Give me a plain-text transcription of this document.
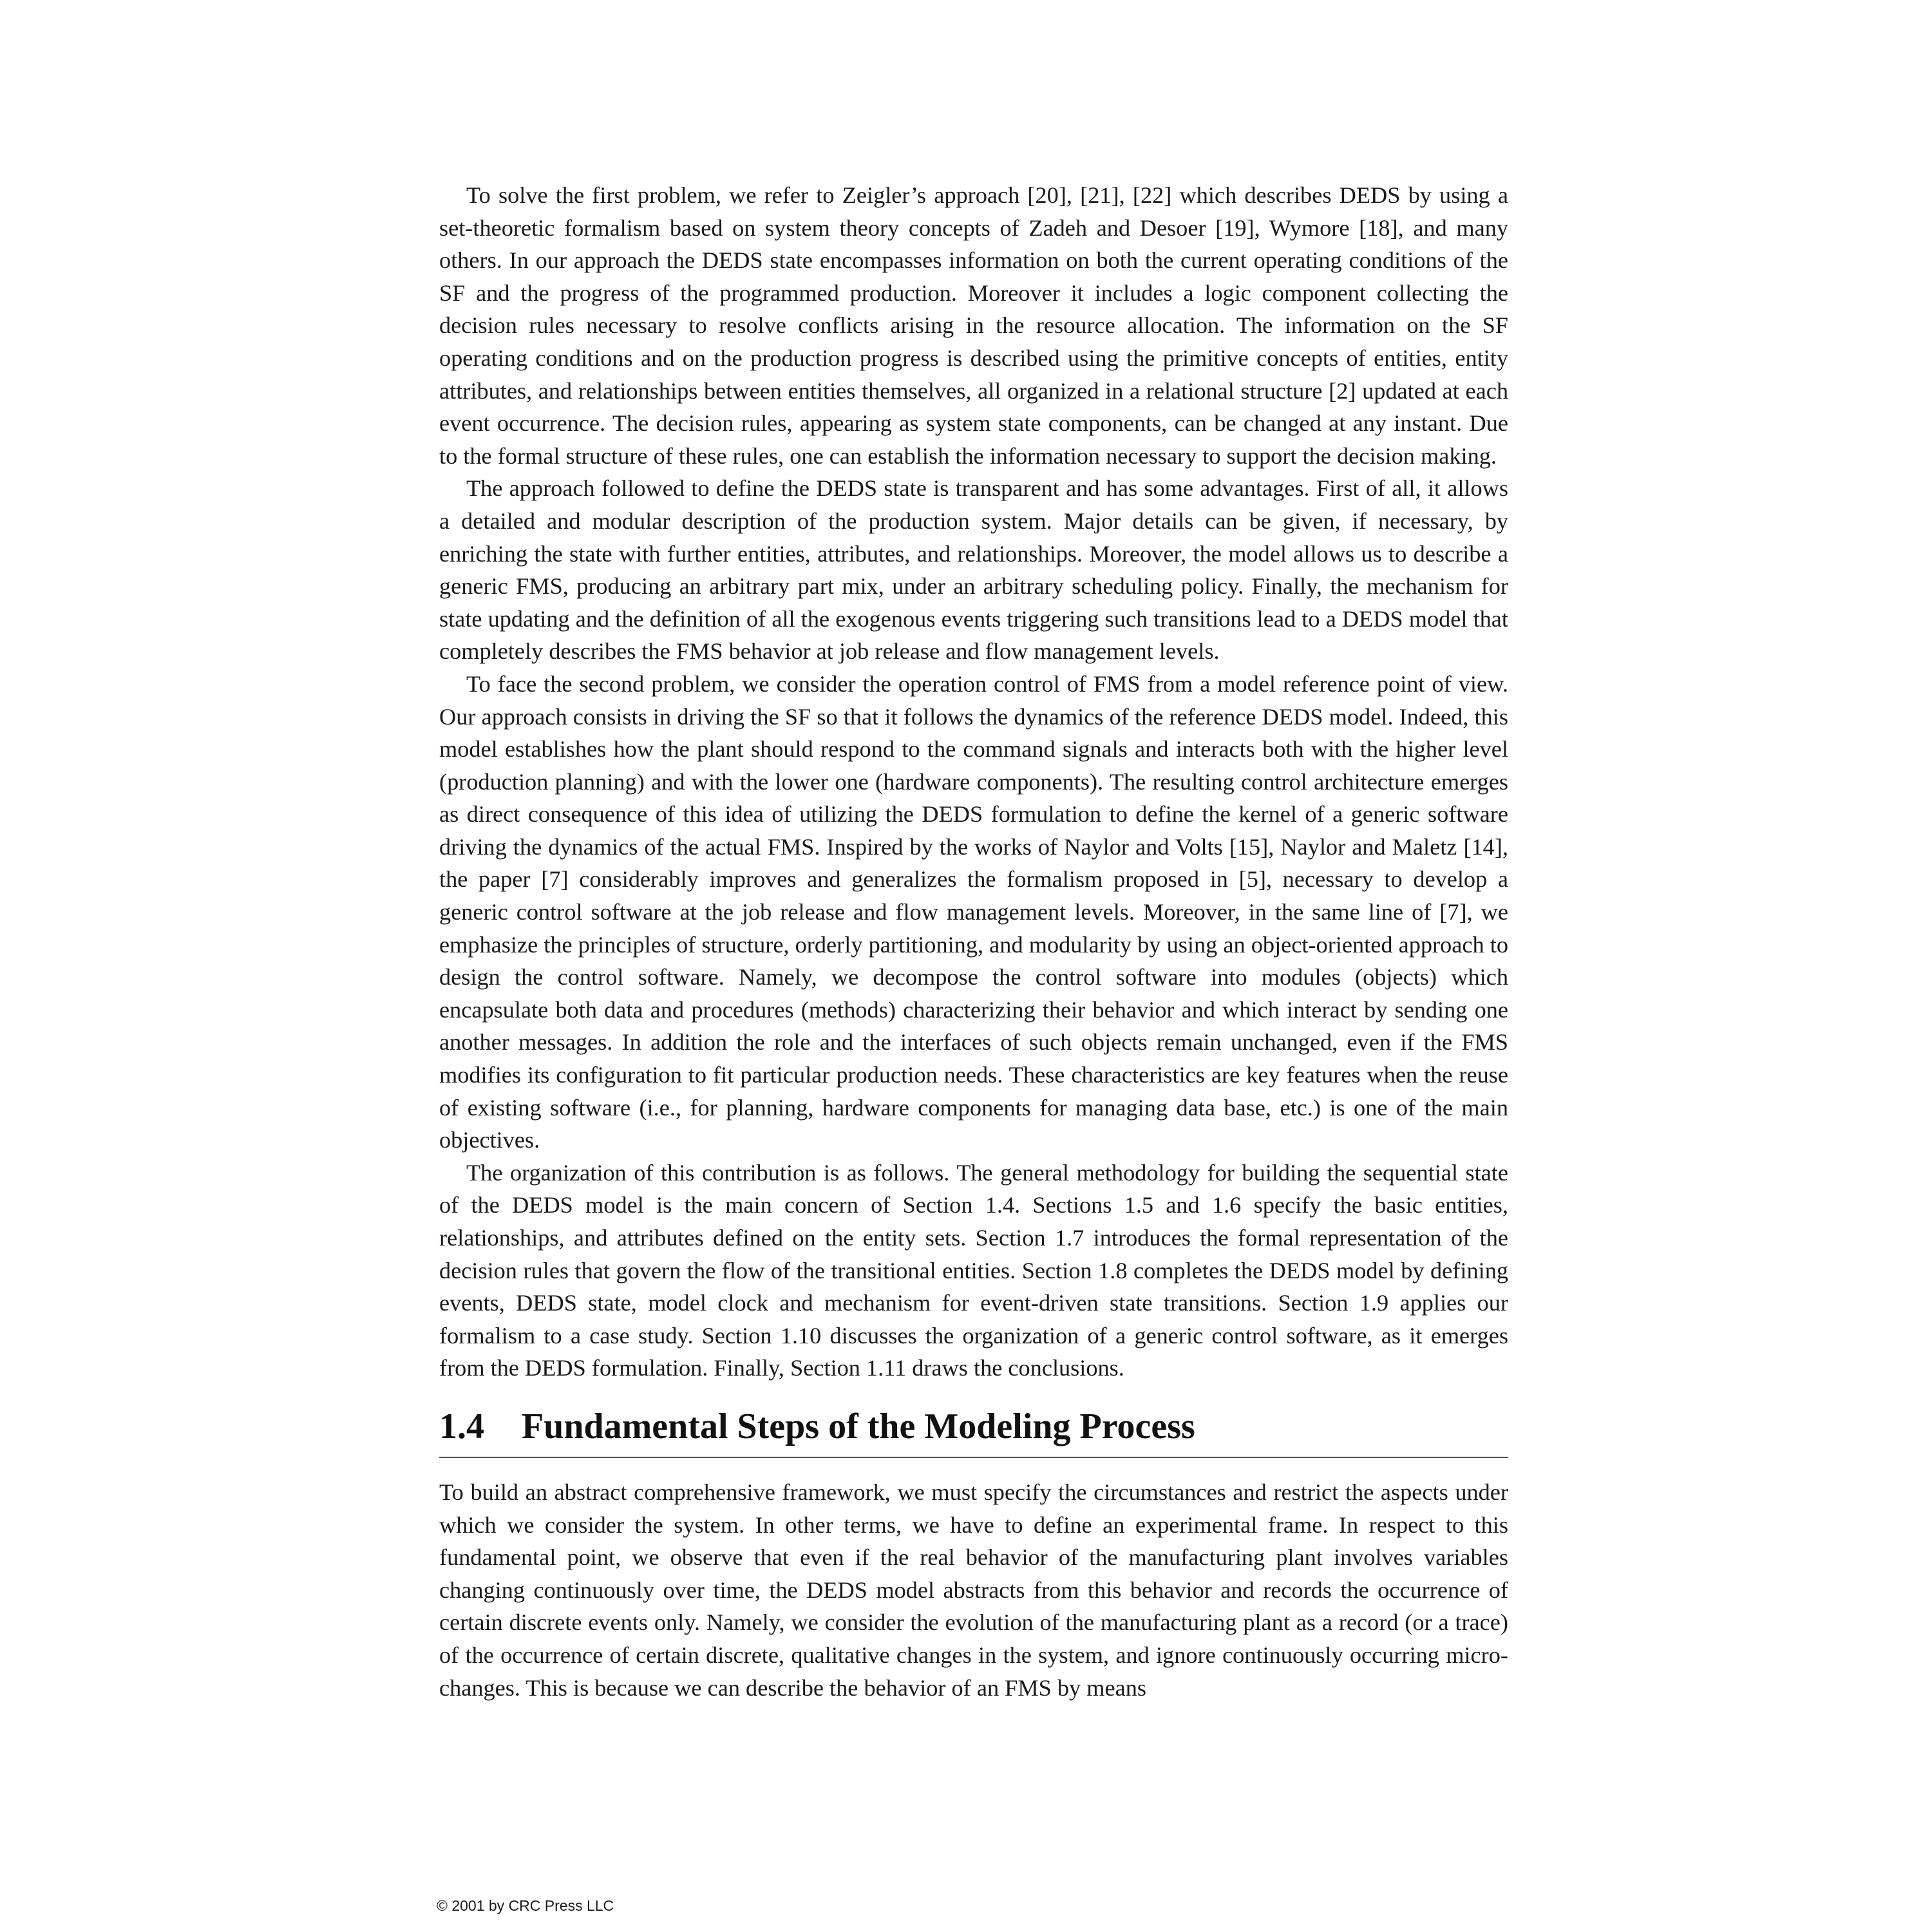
To solve the first problem, we refer to Zeigler’s approach [20], [21], [22] which describes DEDS by using a set-theoretic formalism based on system theory concepts of Zadeh and Desoer [19], Wymore [18], and many others. In our approach the DEDS state encompasses information on both the current operating conditions of the SF and the progress of the programmed production. Moreover it includes a logic component collecting the decision rules necessary to resolve conflicts arising in the resource allocation. The information on the SF operating conditions and on the production progress is described using the primitive concepts of entities, entity attributes, and relationships between entities themselves, all organized in a relational structure [2] updated at each event occurrence. The decision rules, appearing as system state components, can be changed at any instant. Due to the formal structure of these rules, one can establish the information necessary to support the decision making.

The approach followed to define the DEDS state is transparent and has some advantages. First of all, it allows a detailed and modular description of the production system. Major details can be given, if necessary, by enriching the state with further entities, attributes, and relationships. Moreover, the model allows us to describe a generic FMS, producing an arbitrary part mix, under an arbitrary scheduling policy. Finally, the mechanism for state updating and the definition of all the exogenous events triggering such transitions lead to a DEDS model that completely describes the FMS behavior at job release and flow management levels.

To face the second problem, we consider the operation control of FMS from a model reference point of view. Our approach consists in driving the SF so that it follows the dynamics of the reference DEDS model. Indeed, this model establishes how the plant should respond to the command signals and interacts both with the higher level (production planning) and with the lower one (hardware components). The resulting control architecture emerges as direct consequence of this idea of utilizing the DEDS formulation to define the kernel of a generic software driving the dynamics of the actual FMS. Inspired by the works of Naylor and Volts [15], Naylor and Maletz [14], the paper [7] considerably improves and generalizes the formalism proposed in [5], necessary to develop a generic control software at the job release and flow management levels. Moreover, in the same line of [7], we emphasize the principles of structure, orderly partitioning, and modularity by using an object-oriented approach to design the control software. Namely, we decompose the control software into modules (objects) which encapsulate both data and procedures (methods) characterizing their behavior and which interact by sending one another messages. In addition the role and the interfaces of such objects remain unchanged, even if the FMS modifies its configuration to fit particular production needs. These characteristics are key features when the reuse of existing software (i.e., for planning, hardware components for managing data base, etc.) is one of the main objectives.

The organization of this contribution is as follows. The general methodology for building the sequential state of the DEDS model is the main concern of Section 1.4. Sections 1.5 and 1.6 specify the basic entities, relationships, and attributes defined on the entity sets. Section 1.7 introduces the formal representation of the decision rules that govern the flow of the transitional entities. Section 1.8 completes the DEDS model by defining events, DEDS state, model clock and mechanism for event-driven state transitions. Section 1.9 applies our formalism to a case study. Section 1.10 discusses the organization of a generic control software, as it emerges from the DEDS formulation. Finally, Section 1.11 draws the conclusions.

1.4 Fundamental Steps of the Modeling Process

To build an abstract comprehensive framework, we must specify the circumstances and restrict the aspects under which we consider the system. In other terms, we have to define an experimental frame. In respect to this fundamental point, we observe that even if the real behavior of the manufacturing plant involves variables changing continuously over time, the DEDS model abstracts from this behavior and records the occurrence of certain discrete events only. Namely, we consider the evolution of the manufacturing plant as a record (or a trace) of the occurrence of certain discrete, qualitative changes in the system, and ignore continuously occurring micro-changes. This is because we can describe the behavior of an FMS by means

© 2001 by CRC Press LLC
